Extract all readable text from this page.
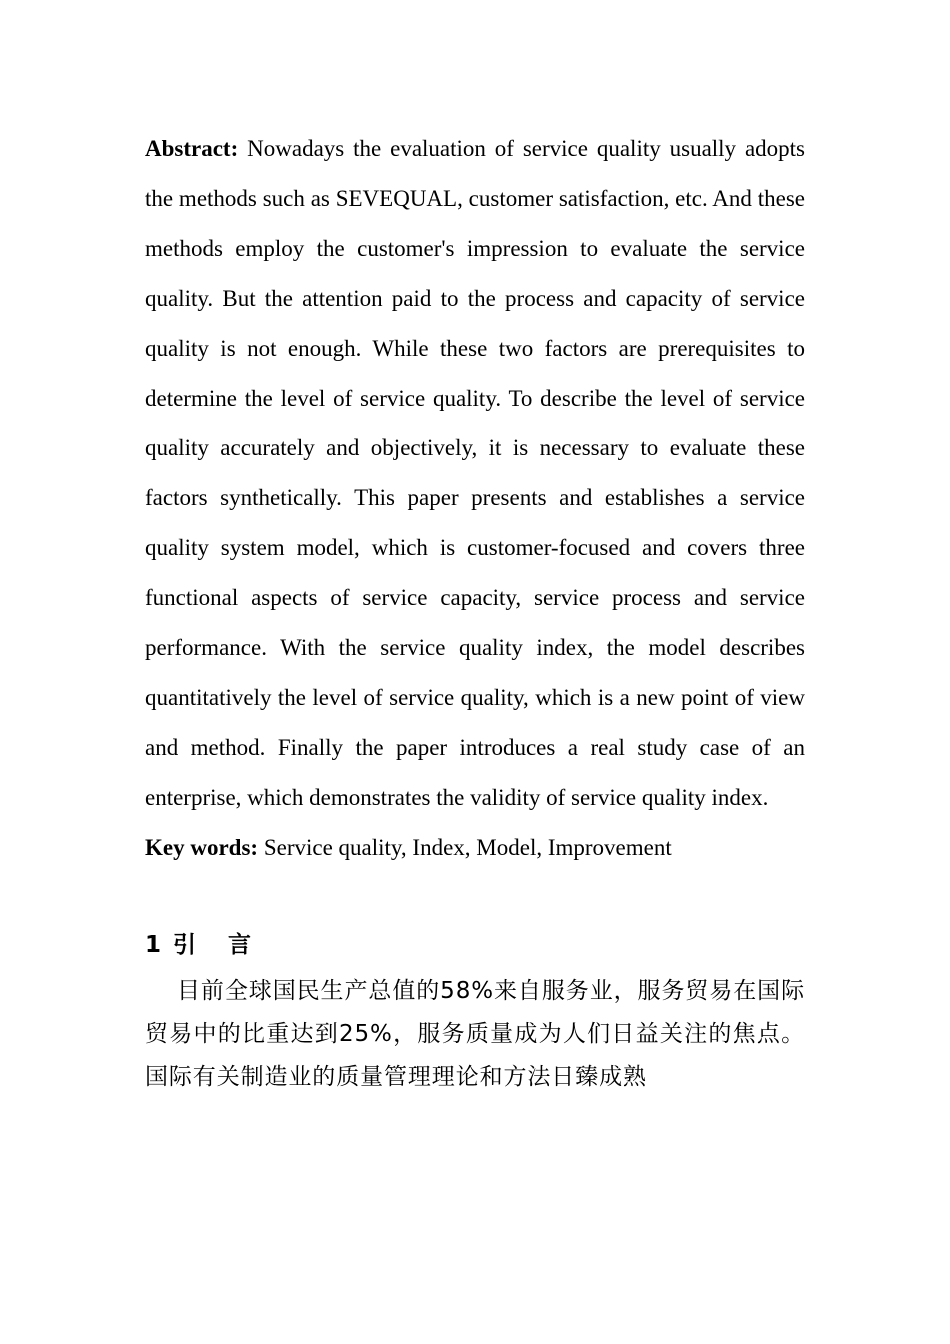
Abstract: Nowadays the evaluation of service quality usually adopts the methods such as SEVEQUAL, customer satisfaction, etc. And these methods employ the customer's impression to evaluate the service quality. But the attention paid to the process and capacity of service quality is not enough. While these two factors are prerequisites to determine the level of service quality. To describe the level of service quality accurately and objectively, it is necessary to evaluate these factors synthetically. This paper presents and establishes a service quality system model, which is customer-focused and covers three functional aspects of service capacity, service process and service performance. With the service quality index, the model describes quantitatively the level of service quality, which is a new point of view and method. Finally the paper introduces a real study case of an enterprise, which demonstrates the validity of service quality index.

Key words: Service quality, Index, Model, Improvement

1 引言

目前全球国民生产总值的58%来自服务业，服务贸易在国际贸易中的比重达到25%，服务质量成为人们日益关注的焦点。国际有关制造业的质量管理理论和方法日臻成熟
